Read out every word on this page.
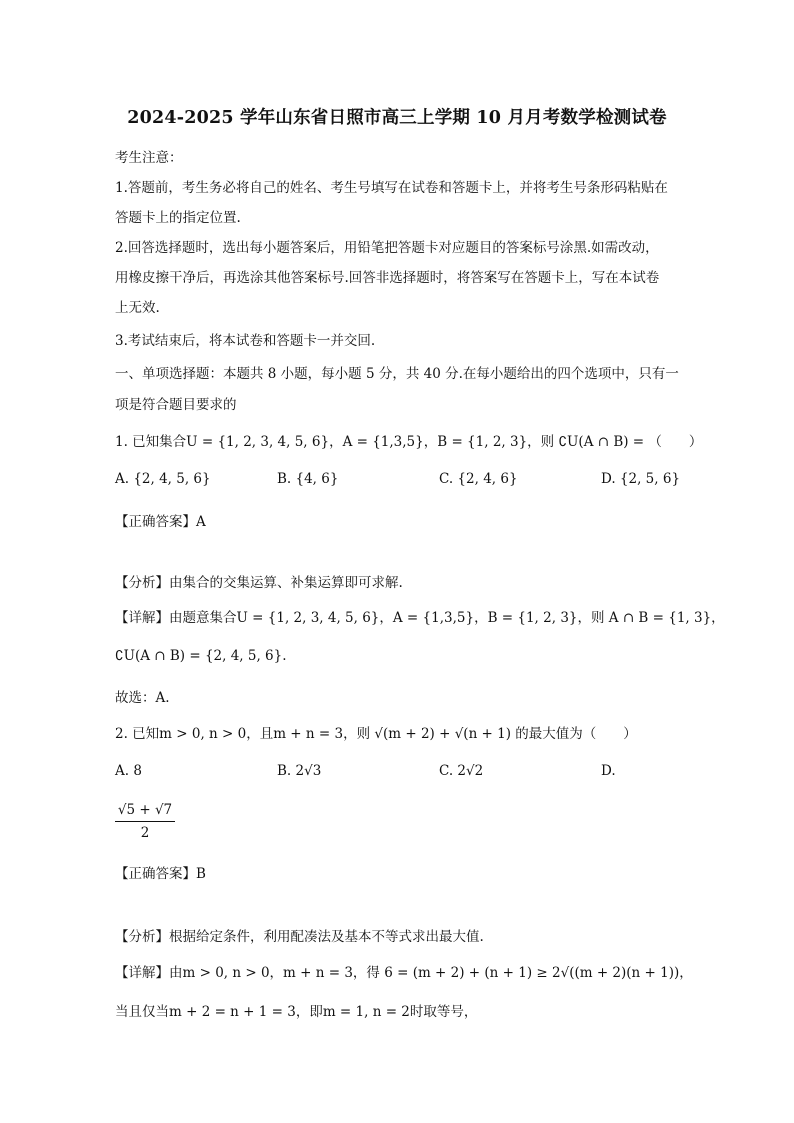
2024-2025 学年山东省日照市高三上学期 10 月月考数学检测试卷
考生注意：
1.答题前，考生务必将自己的姓名、考生号填写在试卷和答题卡上，并将考生号条形码粘贴在
答题卡上的指定位置.
2.回答选择题时，选出每小题答案后，用铅笔把答题卡对应题目的答案标号涂黑.如需改动，
用橡皮擦干净后，再选涂其他答案标号.回答非选择题时，将答案写在答题卡上，写在本试卷
上无效.
3.考试结束后，将本试卷和答题卡一并交回.
一、单项选择题：本题共 8 小题，每小题 5 分，共 40 分.在每小题给出的四个选项中，只有一
项是符合题目要求的
1. 已知集合U = {1, 2, 3, 4, 5, 6}，A = {1,3,5}，B = {1, 2, 3}，则 ∁U(A ∩ B) = （　　）
A. {2, 4, 5, 6}	B. {4, 6}	C. {2, 4, 6}	D. {2, 5, 6}
【正确答案】A
【分析】由集合的交集运算、补集运算即可求解.
【详解】由题意集合U = {1, 2, 3, 4, 5, 6}，A = {1,3,5}，B = {1, 2, 3}，则 A ∩ B = {1, 3}，
∁U(A ∩ B) = {2, 4, 5, 6}.
故选：A.
2. 已知m > 0, n > 0，且m + n = 3，则 √(m + 2) + √(n + 1) 的最大值为（　　）
A. 8	B. 2√3	C. 2√2	D.
$\frac{√5 + √7}{2}$
【正确答案】B
【分析】根据给定条件，利用配凑法及基本不等式求出最大值.
【详解】由m > 0, n > 0，m + n = 3，得 6 = (m + 2) + (n + 1) ≥ 2√((m + 2)(n + 1))，
当且仅当m + 2 = n + 1 = 3，即m = 1, n = 2时取等号，
